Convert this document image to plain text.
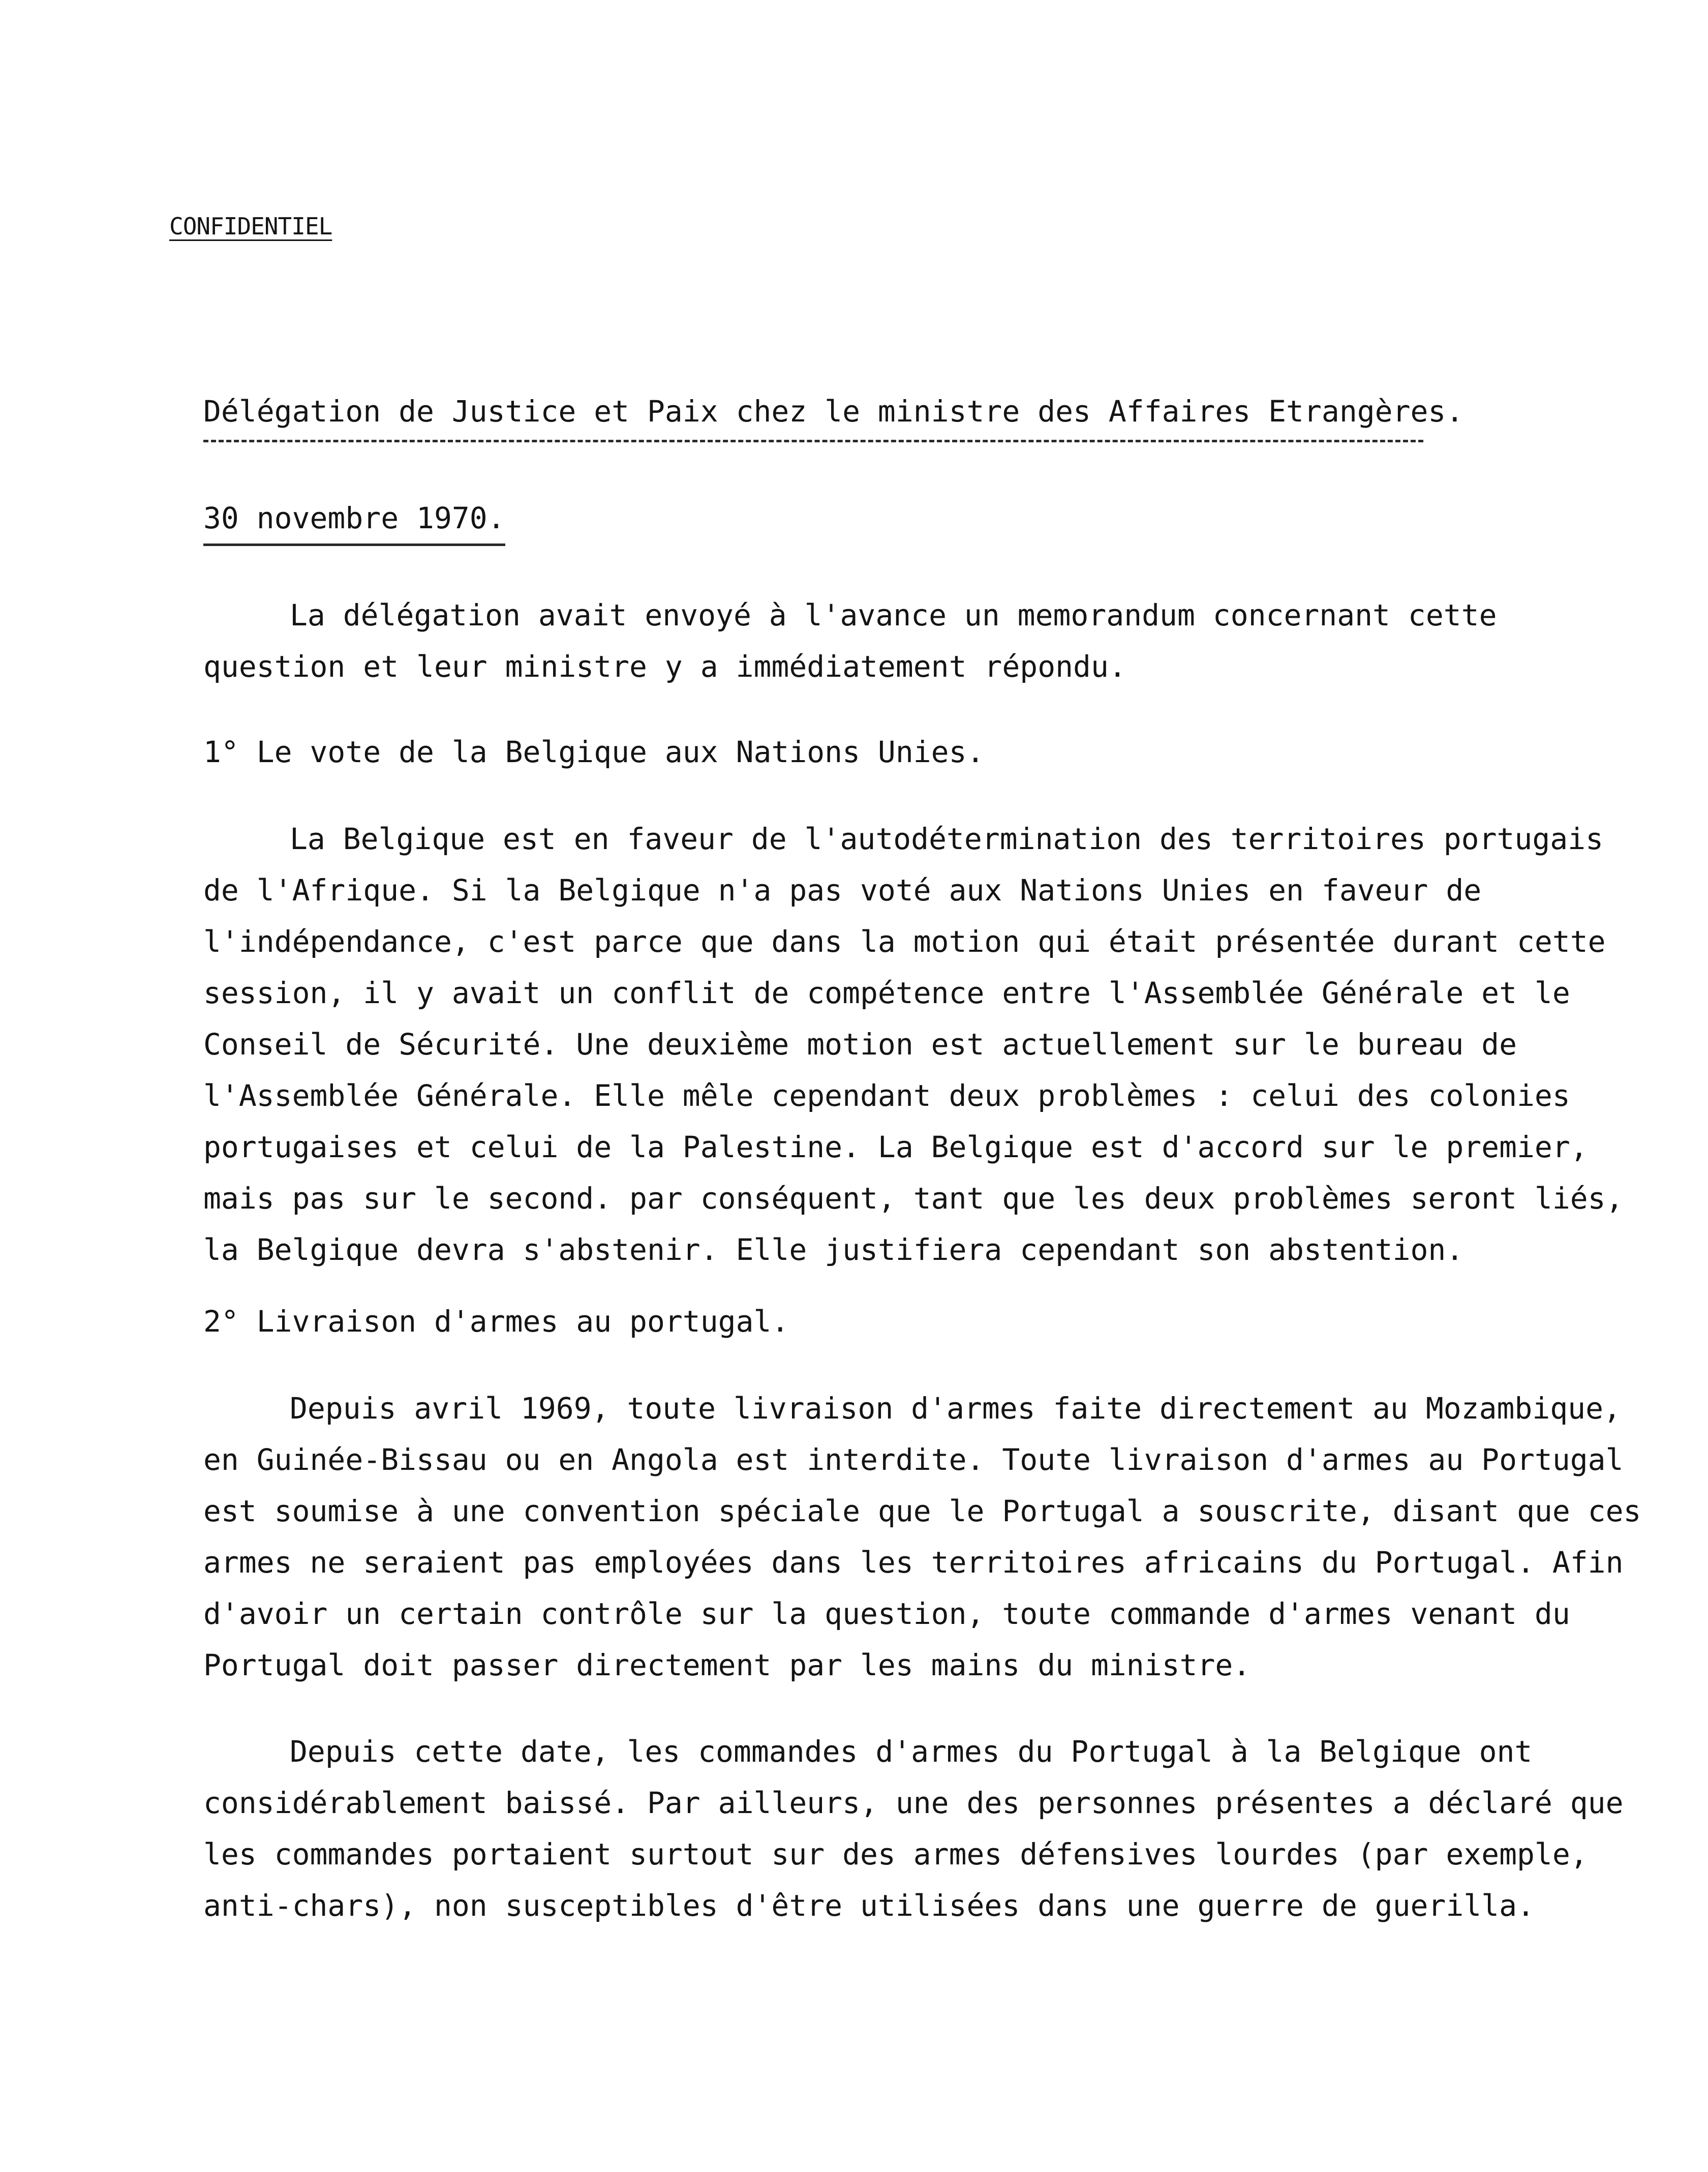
CONFIDENTIEL
Délégation de Justice et Paix chez le ministre des Affaires Etrangères.
30 novembre 1970.

La délégation avait envoyé à l'avance un memorandum concernant cette question et leur ministre y a immédiatement répondu.

1° Le vote de la Belgique aux Nations Unies.

La Belgique est en faveur de l'autodétermination des territoires portugais de l'Afrique. Si la Belgique n'a pas voté aux Nations Unies en faveur de l'indépendance, c'est parce que dans la motion qui était présentée durant cette session, il y avait un conflit de compétence entre l'Assemblée Générale et le Conseil de Sécurité. Une deuxième motion est actuellement sur le bureau de l'Assemblée Générale. Elle mêle cependant deux problèmes : celui des colonies portugaises et celui de la Palestine. La Belgique est d'accord sur le premier, mais pas sur le second. par conséquent, tant que les deux problèmes seront liés, la Belgique devra s'abstenir. Elle justifiera cependant son abstention.

2° Livraison d'armes au portugal.

Depuis avril 1969, toute livraison d'armes faite directement au Mozambique, en Guinée-Bissau ou en Angola est interdite. Toute livraison d'armes au Portugal est soumise à une convention spéciale que le Portugal a souscrite, disant que ces armes ne seraient pas employées dans les territoires africains du Portugal. Afin d'avoir un certain contrôle sur la question, toute commande d'armes venant du Portugal doit passer directement par les mains du ministre.

Depuis cette date, les commandes d'armes du Portugal à la Belgique ont considérablement baissé. Par ailleurs, une des personnes présentes a déclaré que les commandes portaient surtout sur des armes défensives lourdes (par exemple, anti-chars), non susceptibles d'être utilisées dans une guerre de guerilla.
